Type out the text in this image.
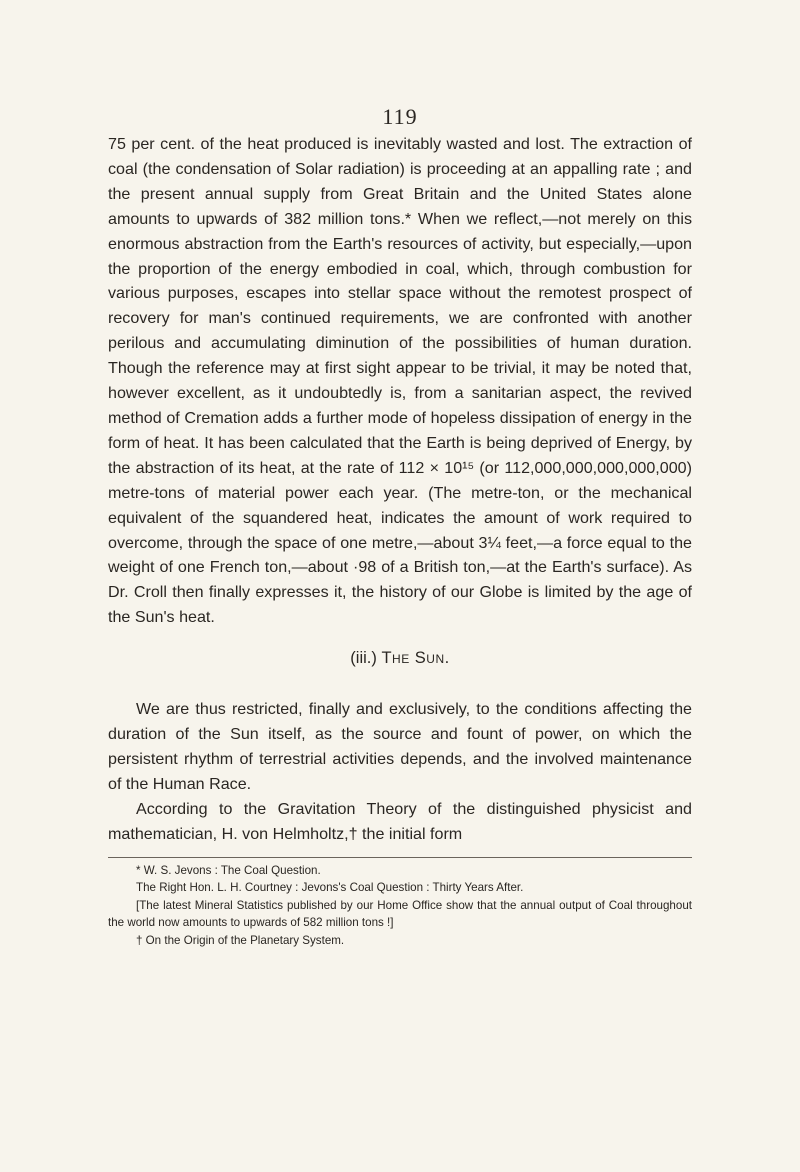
119

75 per cent. of the heat produced is inevitably wasted and lost. The extraction of coal (the condensation of Solar radiation) is proceeding at an appalling rate ; and the present annual supply from Great Britain and the United States alone amounts to upwards of 382 million tons.* When we reflect,—not merely on this enormous abstraction from the Earth's resources of activity, but especially,—upon the proportion of the energy embodied in coal, which, through combustion for various purposes, escapes into stellar space without the remotest prospect of recovery for man's continued requirements, we are confronted with another perilous and accumulating diminution of the possibilities of human duration. Though the reference may at first sight appear to be trivial, it may be noted that, however excellent, as it undoubtedly is, from a sanitarian aspect, the revived method of Cremation adds a further mode of hopeless dissipation of energy in the form of heat. It has been calculated that the Earth is being deprived of Energy, by the abstraction of its heat, at the rate of 112 × 10¹⁵ (or 112,000,000,000,000,000) metre-tons of material power each year. (The metre-ton, or the mechanical equivalent of the squandered heat, indicates the amount of work required to overcome, through the space of one metre,—about 3¼ feet,—a force equal to the weight of one French ton,—about ·98 of a British ton,—at the Earth's surface). As Dr. Croll then finally expresses it, the history of our Globe is limited by the age of the Sun's heat.

(iii.) The Sun.

We are thus restricted, finally and exclusively, to the conditions affecting the duration of the Sun itself, as the source and fount of power, on which the persistent rhythm of terrestrial activities depends, and the involved maintenance of the Human Race.

According to the Gravitation Theory of the distinguished physicist and mathematician, H. von Helmholtz,† the initial form

* W. S. Jevons : The Coal Question.

The Right Hon. L. H. Courtney : Jevons's Coal Question : Thirty Years After.

[The latest Mineral Statistics published by our Home Office show that the annual output of Coal throughout the world now amounts to upwards of 582 million tons !]

† On the Origin of the Planetary System.
